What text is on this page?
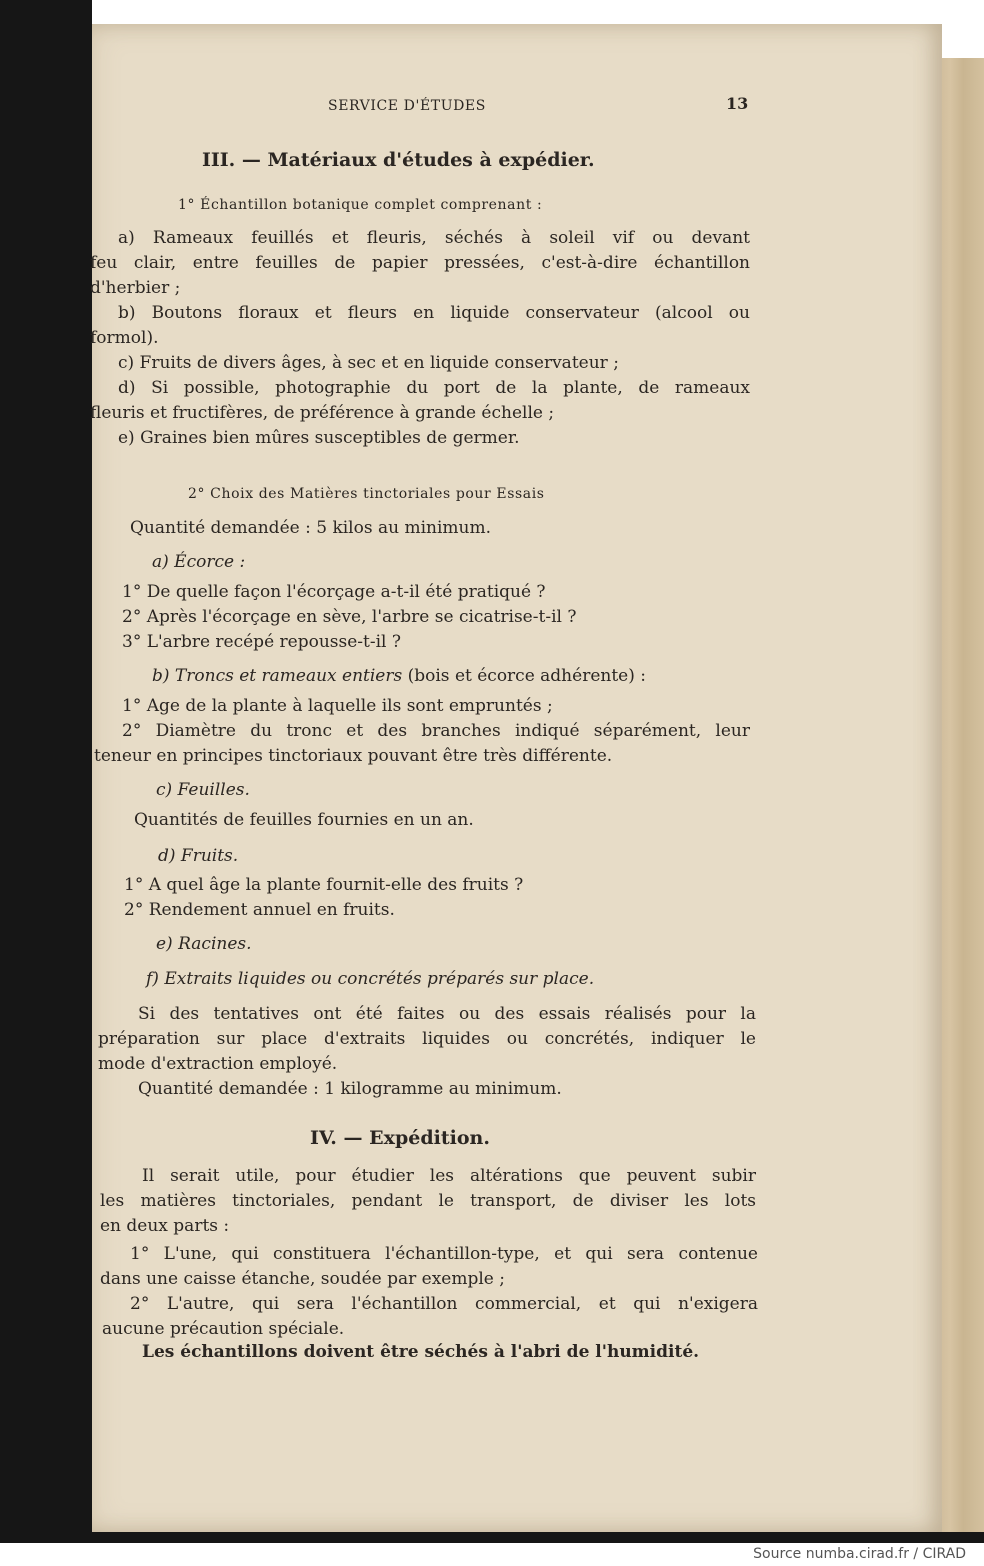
SERVICE D'ÉTUDES	13
III. — Matériaux d'études à expédier.
1° Échantillon botanique complet comprenant :
a) Rameaux feuillés et fleuris, séchés à soleil vif ou devant
feu clair, entre feuilles de papier pressées, c'est-à-dire échantillon
d'herbier ;
b) Boutons floraux et fleurs en liquide conservateur (alcool ou
formol).
c) Fruits de divers âges, à sec et en liquide conservateur ;
d) Si possible, photographie du port de la plante, de rameaux
fleuris et fructifères, de préférence à grande échelle ;
e) Graines bien mûres susceptibles de germer.
2° Choix des Matières tinctoriales pour Essais
Quantité demandée : 5 kilos au minimum.
a) Écorce :
1° De quelle façon l'écorçage a-t-il été pratiqué ?
2° Après l'écorçage en sève, l'arbre se cicatrise-t-il ?
3° L'arbre recépé repousse-t-il ?
b) Troncs et rameaux entiers (bois et écorce adhérente) :
1° Age de la plante à laquelle ils sont empruntés ;
2° Diamètre du tronc et des branches indiqué séparément, leur
teneur en principes tinctoriaux pouvant être très différente.
c) Feuilles.
Quantités de feuilles fournies en un an.
d) Fruits.
1° A quel âge la plante fournit-elle des fruits ?
2° Rendement annuel en fruits.
e) Racines.
f) Extraits liquides ou concrétés préparés sur place.
Si des tentatives ont été faites ou des essais réalisés pour la
préparation sur place d'extraits liquides ou concrétés, indiquer le
mode d'extraction employé.
Quantité demandée : 1 kilogramme au minimum.
IV. — Expédition.
Il serait utile, pour étudier les altérations que peuvent subir
les matières tinctoriales, pendant le transport, de diviser les lots
en deux parts :
1° L'une, qui constituera l'échantillon-type, et qui sera contenue
dans une caisse étanche, soudée par exemple ;
2° L'autre, qui sera l'échantillon commercial, et qui n'exigera
aucune précaution spéciale.
Les échantillons doivent être séchés à l'abri de l'humidité.
Source numba.cirad.fr / CIRAD
